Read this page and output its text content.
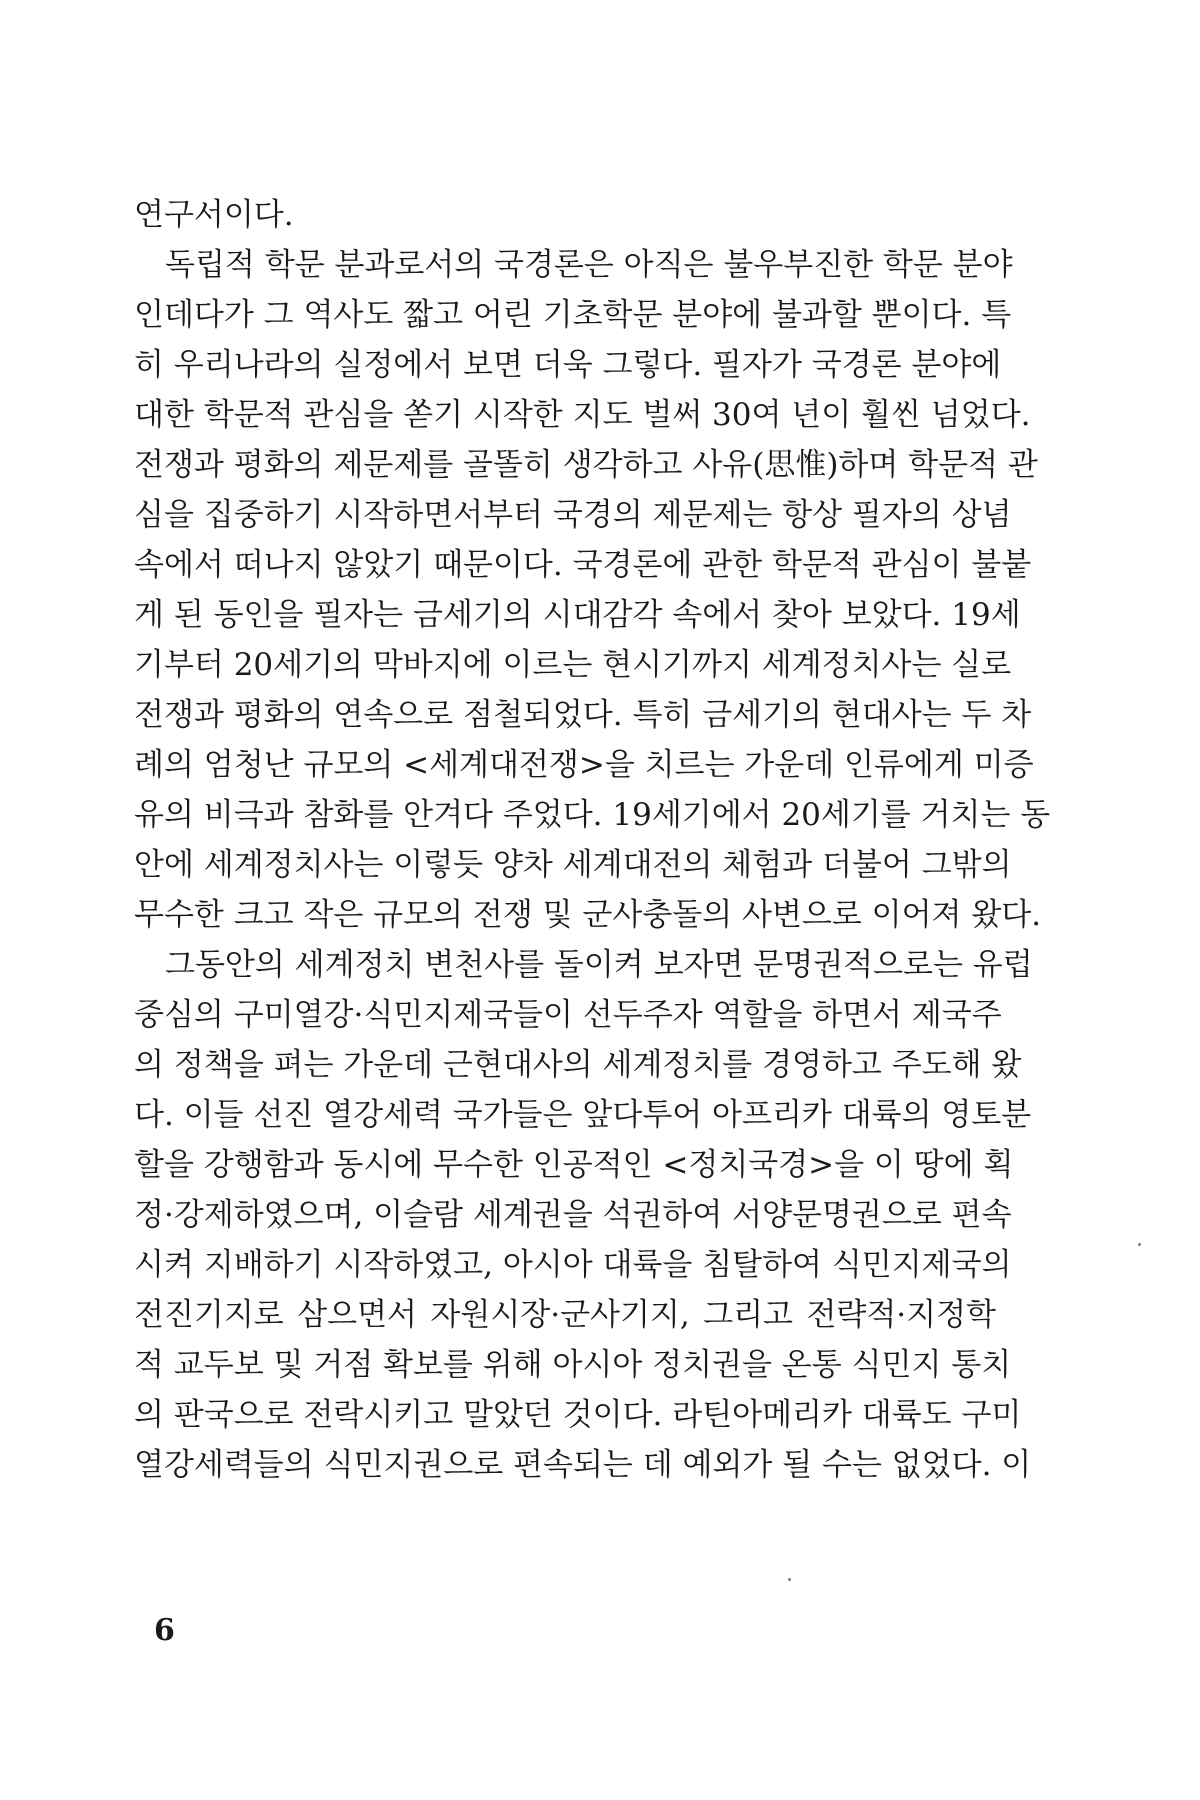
연구서이다.
독립적 학문 분과로서의 국경론은 아직은 불우부진한 학문 분야
인데다가 그 역사도 짧고 어린 기초학문 분야에 불과할 뿐이다. 특
히 우리나라의 실정에서 보면 더욱 그렇다. 필자가 국경론 분야에
대한 학문적 관심을 쏟기 시작한 지도 벌써 30여 년이 훨씬 넘었다.
전쟁과 평화의 제문제를 골똘히 생각하고 사유(思惟)하며 학문적 관
심을 집중하기 시작하면서부터 국경의 제문제는 항상 필자의 상념
속에서 떠나지 않았기 때문이다. 국경론에 관한 학문적 관심이 불붙
게 된 동인을 필자는 금세기의 시대감각 속에서 찾아 보았다. 19세
기부터 20세기의 막바지에 이르는 현시기까지 세계정치사는 실로
전쟁과 평화의 연속으로 점철되었다. 특히 금세기의 현대사는 두 차
례의 엄청난 규모의 <세계대전쟁>을 치르는 가운데 인류에게 미증
유의 비극과 참화를 안겨다 주었다. 19세기에서 20세기를 거치는 동
안에 세계정치사는 이렇듯 양차 세계대전의 체험과 더불어 그밖의
무수한 크고 작은 규모의 전쟁 및 군사충돌의 사변으로 이어져 왔다.
그동안의 세계정치 변천사를 돌이켜 보자면 문명권적으로는 유럽
중심의 구미열강·식민지제국들이 선두주자 역할을 하면서 제국주
의 정책을 펴는 가운데 근현대사의 세계정치를 경영하고 주도해 왔
다. 이들 선진 열강세력 국가들은 앞다투어 아프리카 대륙의 영토분
할을 강행함과 동시에 무수한 인공적인 <정치국경>을 이 땅에 획
정·강제하였으며, 이슬람 세계권을 석권하여 서양문명권으로 편속
시켜 지배하기 시작하였고, 아시아 대륙을 침탈하여 식민지제국의
전진기지로 삼으면서 자원시장·군사기지, 그리고 전략적·지정학
적 교두보 및 거점 확보를 위해 아시아 정치권을 온통 식민지 통치
의 판국으로 전락시키고 말았던 것이다. 라틴아메리카 대륙도 구미
열강세력들의 식민지권으로 편속되는 데 예외가 될 수는 없었다. 이
6
